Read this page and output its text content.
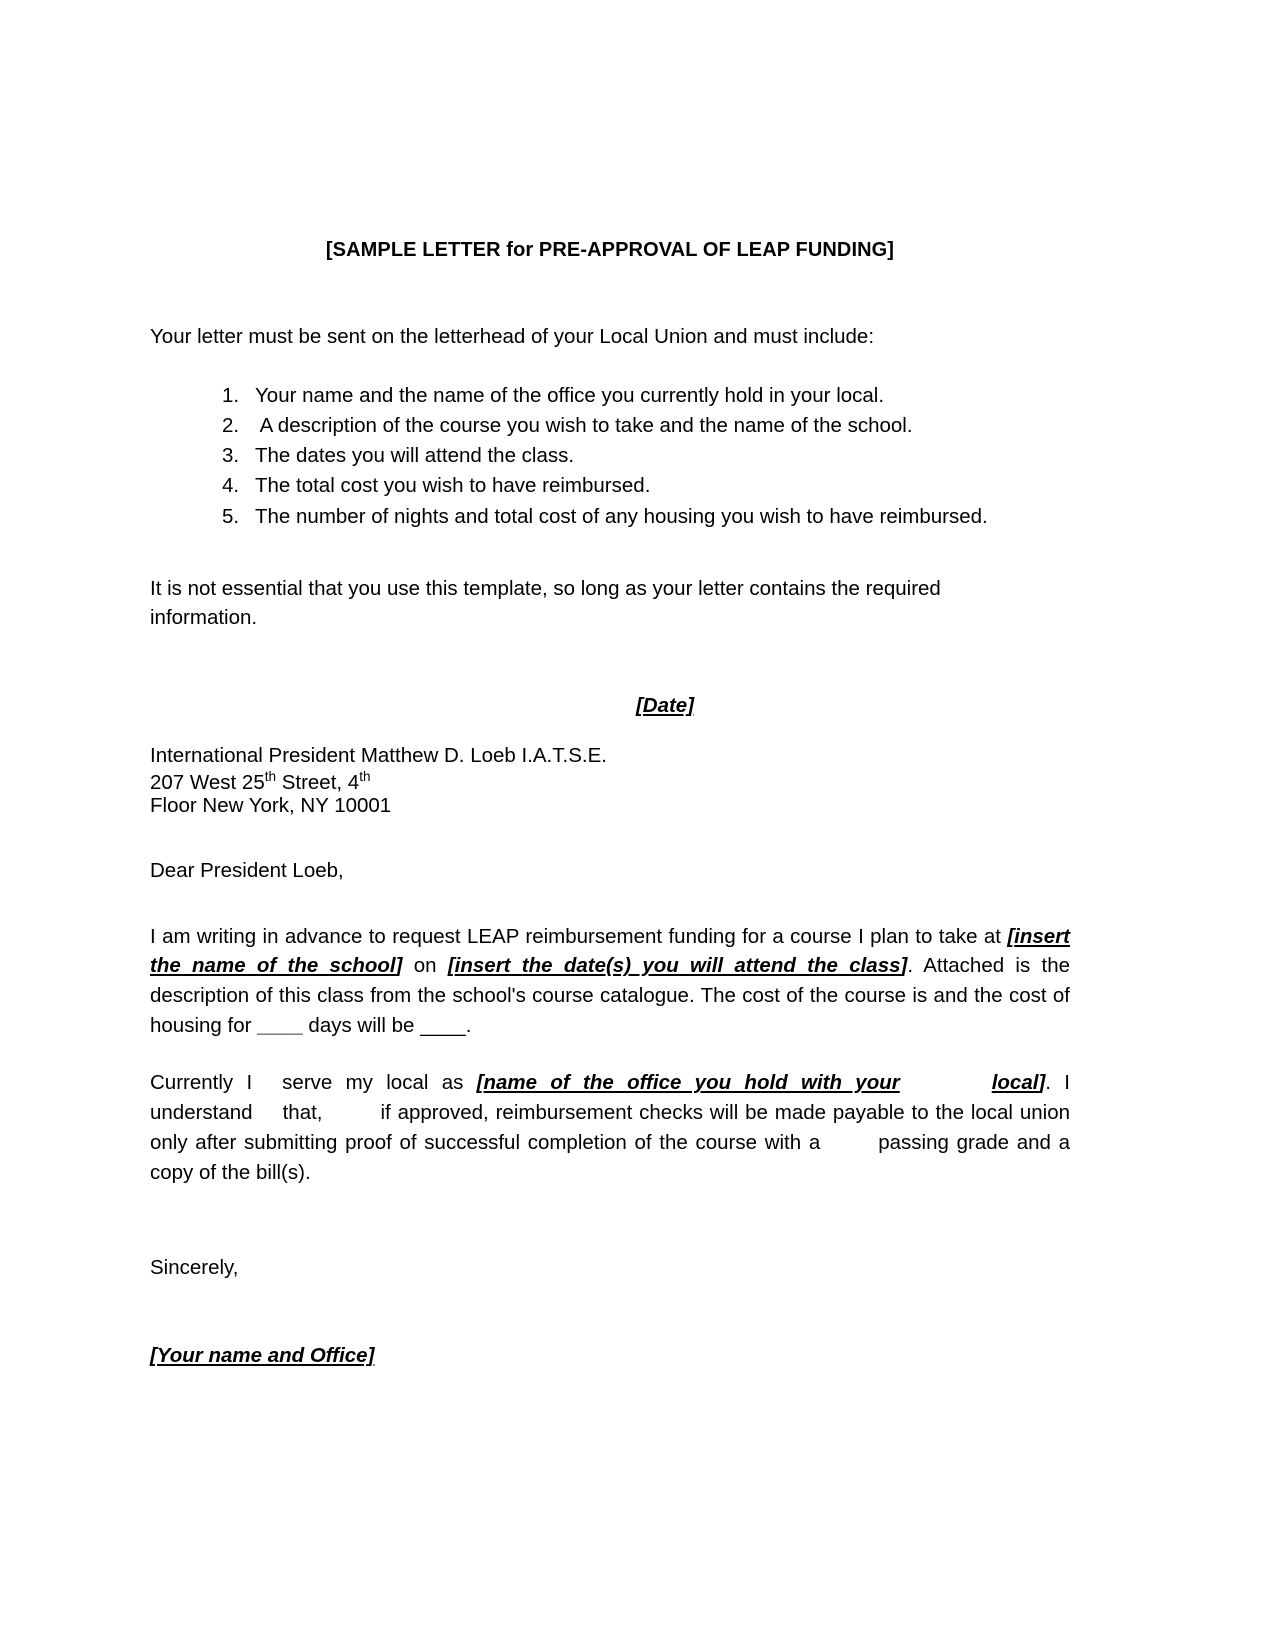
[SAMPLE LETTER for PRE-APPROVAL OF LEAP FUNDING]

Your letter must be sent on the letterhead of your Local Union and must include:

1. Your name and the name of the office you currently hold in your local.
2. A description of the course you wish to take and the name of the school.
3. The dates you will attend the class.
4. The total cost you wish to have reimbursed.
5. The number of nights and total cost of any housing you wish to have reimbursed.

It is not essential that you use this template, so long as your letter contains the required information.

[Date]
International President Matthew D. Loeb I.A.T.S.E.
207 West 25th Street, 4th
Floor New York, NY 10001

Dear President Loeb,

I am writing in advance to request LEAP reimbursement funding for a course I plan to take at [insert the name of the school] on [insert the date(s) you will attend the class]. Attached is the description of this class from the school's course catalogue. The cost of the course is and the cost of housing for ____ days will be ____.

Currently I serve my local as [name of the office you hold with your	local]. I understand that,	if approved, reimbursement checks will be made payable to the local union only after submitting proof of successful completion of the course with a	passing grade and a copy of the bill(s).

Sincerely,

[Your name and Office]
